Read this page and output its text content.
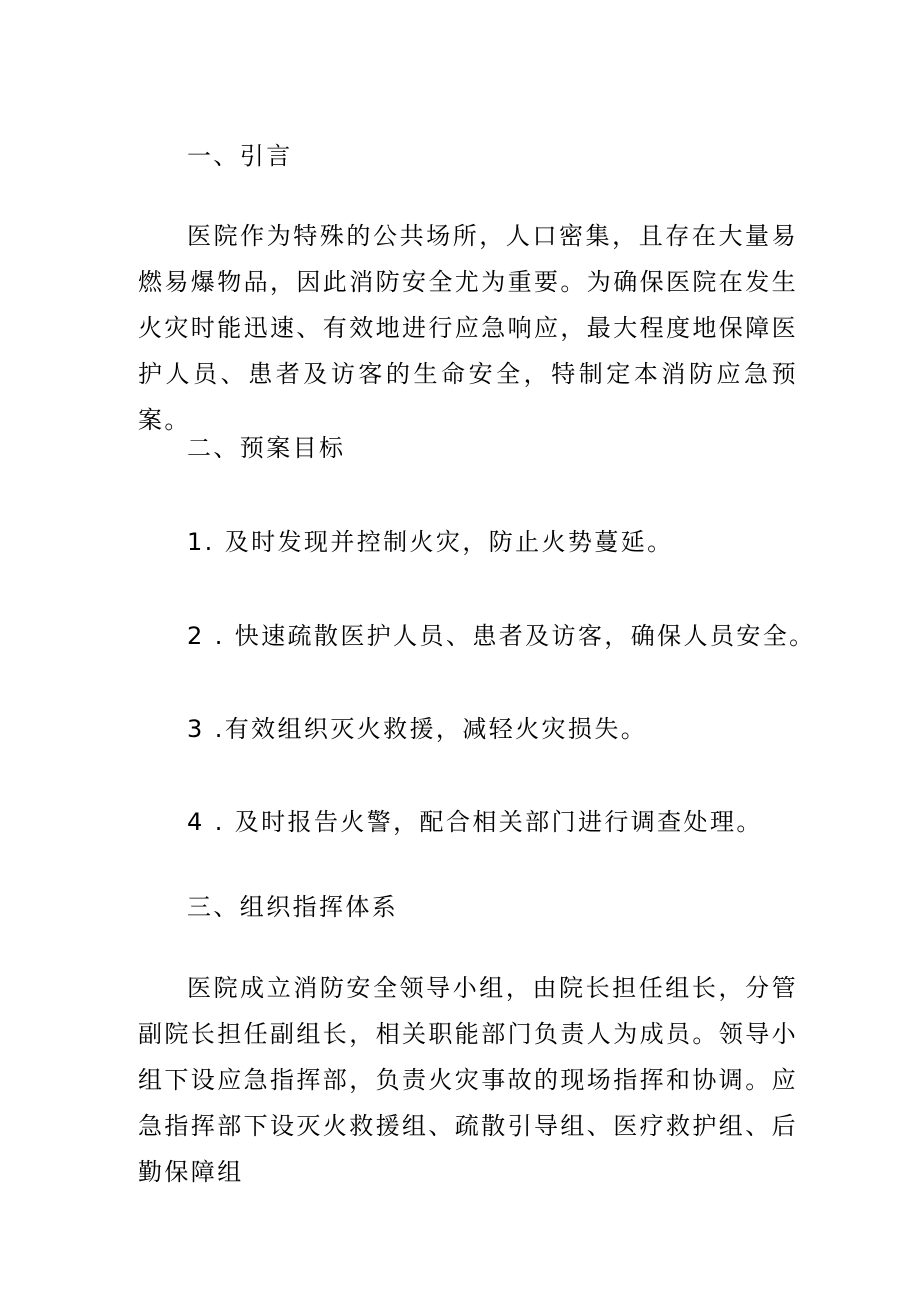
一、引言

医院作为特殊的公共场所，人口密集，且存在大量易燃易爆物品，因此消防安全尤为重要。为确保医院在发生火灾时能迅速、有效地进行应急响应，最大程度地保障医护人员、患者及访客的生命安全，特制定本消防应急预案。

二、预案目标

1. 及时发现并控制火灾，防止火势蔓延。

2 . 快速疏散医护人员、患者及访客，确保人员安全。

3 .有效组织灭火救援，减轻火灾损失。

4 . 及时报告火警，配合相关部门进行调查处理。

三、组织指挥体系

医院成立消防安全领导小组，由院长担任组长，分管副院长担任副组长，相关职能部门负责人为成员。领导小组下设应急指挥部，负责火灾事故的现场指挥和协调。应急指挥部下设灭火救援组、疏散引导组、医疗救护组、后勤保障组
